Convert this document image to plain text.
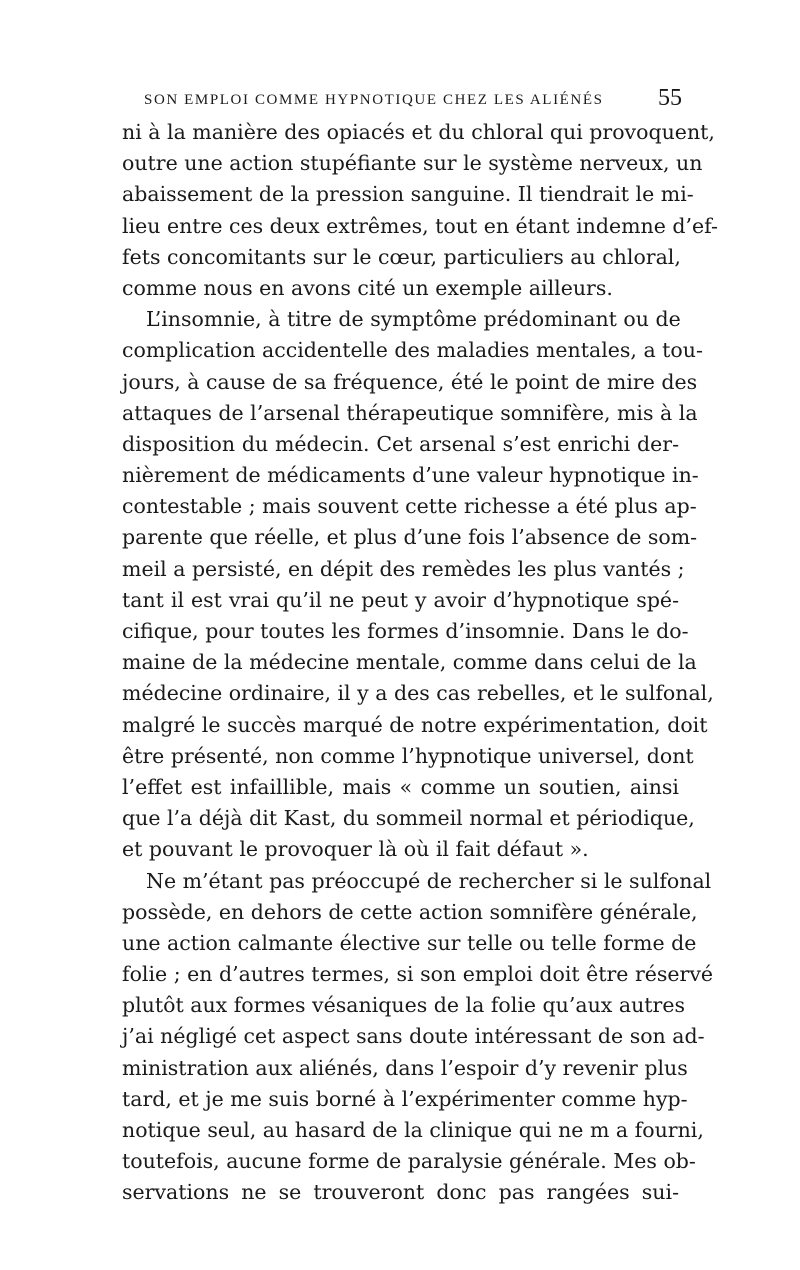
SON EMPLOI COMME HYPNOTIQUE CHEZ LES ALIÉNÉS 55
ni à la manière des opiacés et du chloral qui provoquent,
outre une action stupéfiante sur le système nerveux, un
abaissement de la pression sanguine. Il tiendrait le mi-
lieu entre ces deux extrêmes, tout en étant indemne d’ef-
fets concomitants sur le cœur, particuliers au chloral,
comme nous en avons cité un exemple ailleurs.
L’insomnie, à titre de symptôme prédominant ou de
complication accidentelle des maladies mentales, a tou-
jours, à cause de sa fréquence, été le point de mire des
attaques de l’arsenal thérapeutique somnifère, mis à la
disposition du médecin. Cet arsenal s’est enrichi der-
nièrement de médicaments d’une valeur hypnotique in-
contestable ; mais souvent cette richesse a été plus ap-
parente que réelle, et plus d’une fois l’absence de som-
meil a persisté, en dépit des remèdes les plus vantés ;
tant il est vrai qu’il ne peut y avoir d’hypnotique spé-
cifique, pour toutes les formes d’insomnie. Dans le do-
maine de la médecine mentale, comme dans celui de la
médecine ordinaire, il y a des cas rebelles, et le sulfonal,
malgré le succès marqué de notre expérimentation, doit
être présenté, non comme l’hypnotique universel, dont
l’effet est infaillible, mais « comme un soutien, ainsi
que l’a déjà dit Kast, du sommeil normal et périodique,
et pouvant le provoquer là où il fait défaut ».
Ne m’étant pas préoccupé de rechercher si le sulfonal
possède, en dehors de cette action somnifère générale,
une action calmante élective sur telle ou telle forme de
folie ; en d’autres termes, si son emploi doit être réservé
plutôt aux formes vésaniques de la folie qu’aux autres
j’ai négligé cet aspect sans doute intéressant de son ad-
ministration aux aliénés, dans l’espoir d’y revenir plus
tard, et je me suis borné à l’expérimenter comme hyp-
notique seul, au hasard de la clinique qui ne m a fourni,
toutefois, aucune forme de paralysie générale. Mes ob-
servations ne se trouveront donc pas rangées sui-
